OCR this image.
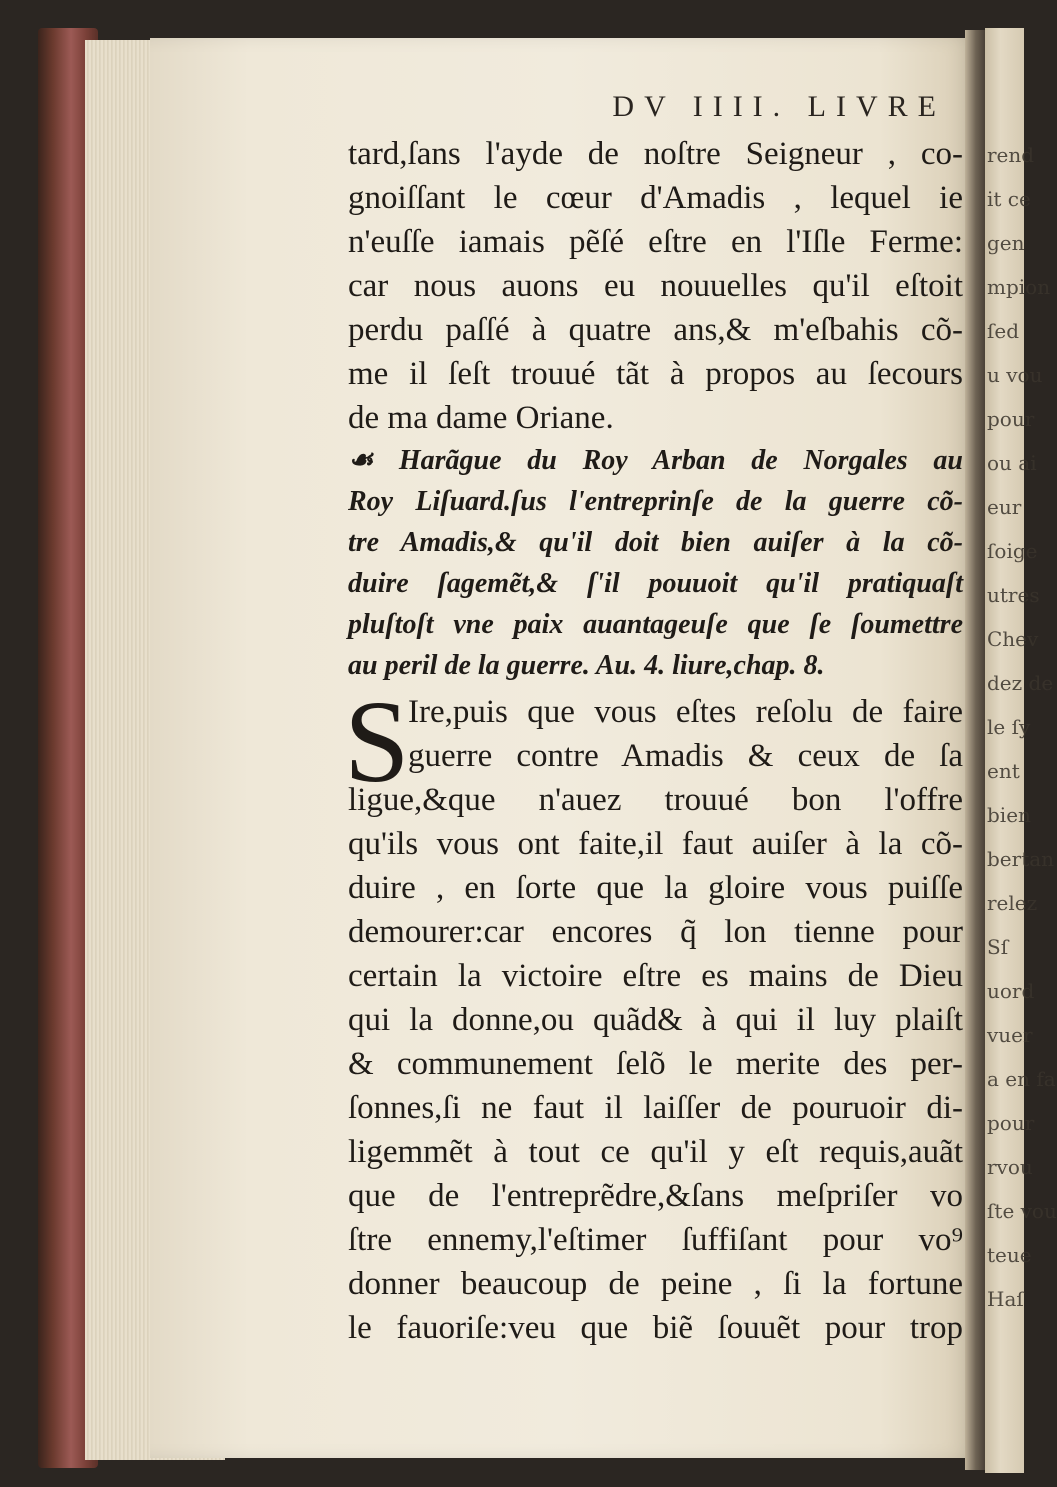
rend
it ce
gen
mpion
ſed
u vou
pour
ou ai
eur
ſoige
utres
Chev
dez de
le ſy
ent
bien
bertan
relez
Sſ
uord
vuer
a en fa
pour
rvou
ſte vou
teue
Haſ
DV IIII. LIVRE
tard,ſans l'ayde de noſtre Seigneur , co-
gnoiſſant le cœur d'Amadis , lequel ie
n'euſſe iamais pẽſé eſtre en l'Iſle Ferme:
car nous auons eu nouuelles qu'il eſtoit
perdu paſſé à quatre ans,& m'eſbahis cõ-
me il ſeſt trouué tãt à propos au ſecours
de ma dame Oriane.
☙ Harãgue du Roy Arban de Norgales au
Roy Liſuard.ſus l'entreprinſe de la guerre cõ-
tre Amadis,& qu'il doit bien auiſer à la cõ-
duire ſagemẽt,& ſ'il pouuoit qu'il pratiquaſt
pluſtoſt vne paix auantageuſe que ſe ſoumettre
au peril de la guerre. Au. 4. liure,chap. 8.
S
Ire,puis que vous eſtes reſolu de faire
guerre contre Amadis & ceux de ſa
ligue,&que n'auez trouué bon l'offre
qu'ils vous ont faite,il faut auiſer à la cõ-
duire , en ſorte que la gloire vous puiſſe
demourer:car encores q̃ lon tienne pour
certain la victoire eſtre es mains de Dieu
qui la donne,ou quãd& à qui il luy plaiſt
& communement ſelõ le merite des per-
ſonnes,ſi ne faut il laiſſer de pouruoir di-
ligemmẽt à tout ce qu'il y eſt requis,auãt
que de l'entreprẽdre,&ſans meſpriſer vo
ſtre ennemy,l'eſtimer ſuffiſant pour vo⁹
donner beaucoup de peine , ſi la fortune
le fauoriſe:veu que biẽ ſouuẽt pour trop
